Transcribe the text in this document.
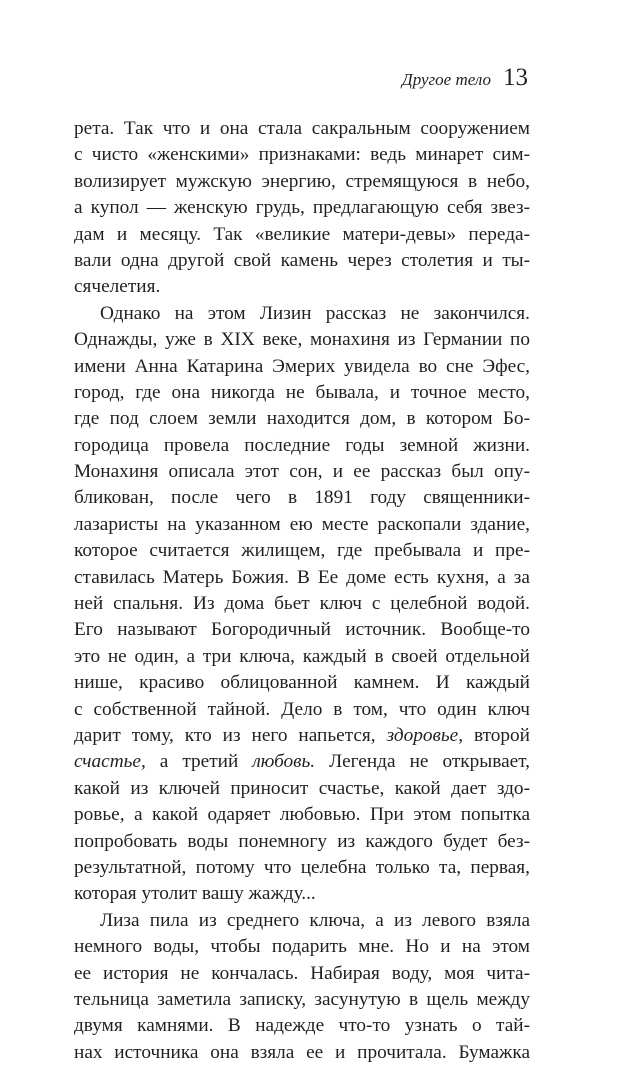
Другое тело 13
рета. Так что и она стала сакральным сооружением
с чисто «женскими» признаками: ведь минарет сим-
волизирует мужскую энергию, стремящуюся в небо,
а купол — женскую грудь, предлагающую себя звез-
дам и месяцу. Так «великие матери-девы» переда-
вали одна другой свой камень через столетия и ты-
сячелетия.
Однако на этом Лизин рассказ не закончился.
Однажды, уже в XIX веке, монахиня из Германии по
имени Анна Катарина Эмерих увидела во сне Эфес,
город, где она никогда не бывала, и точное место,
где под слоем земли находится дом, в котором Бо-
городица провела последние годы земной жизни.
Монахиня описала этот сон, и ее рассказ был опу-
бликован, после чего в 1891 году священники-
лазаристы на указанном ею месте раскопали здание,
которое считается жилищем, где пребывала и пре-
ставилась Матерь Божия. В Ее доме есть кухня, а за
ней спальня. Из дома бьет ключ с целебной водой.
Его называют Богородичный источник. Вообще-то
это не один, а три ключа, каждый в своей отдельной
нише, красиво облицованной камнем. И каждый
с собственной тайной. Дело в том, что один ключ
дарит тому, кто из него напьется, здоровье, второй
счастье, а третий любовь. Легенда не открывает,
какой из ключей приносит счастье, какой дает здо-
ровье, а какой одаряет любовью. При этом попытка
попробовать воды понемногу из каждого будет без-
результатной, потому что целебна только та, первая,
которая утолит вашу жажду...
Лиза пила из среднего ключа, а из левого взяла
немного воды, чтобы подарить мне. Но и на этом
ее история не кончалась. Набирая воду, моя чита-
тельница заметила записку, засунутую в щель между
двумя камнями. В надежде что-то узнать о тай-
нах источника она взяла ее и прочитала. Бумажка
